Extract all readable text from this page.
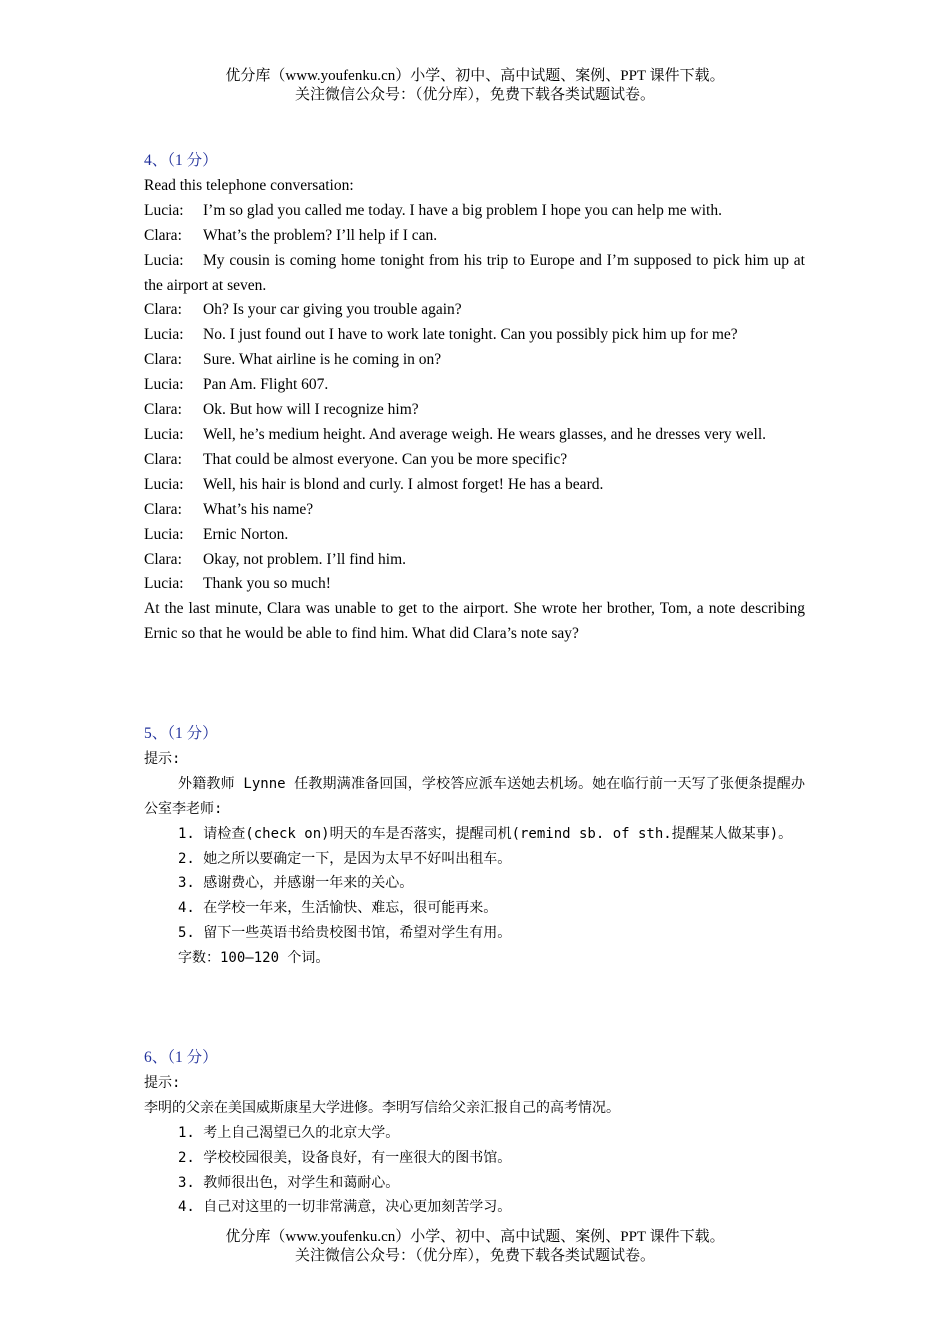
优分库（www.youfenku.cn）小学、初中、高中试题、案例、PPT 课件下载。
关注微信公众号：（优分库），免费下载各类试题试卷。
4、（1 分）
Read this telephone conversation:
Lucia: I’m so glad you called me today. I have a big problem I hope you can help me with.
Clara: What’s the problem? I’ll help if I can.
Lucia: My cousin is coming home tonight from his trip to Europe and I’m supposed to pick him up at the airport at seven.
Clara: Oh? Is your car giving you trouble again?
Lucia: No. I just found out I have to work late tonight. Can you possibly pick him up for me?
Clara: Sure. What airline is he coming in on?
Lucia: Pan Am. Flight 607.
Clara: Ok. But how will I recognize him?
Lucia: Well, he’s medium height. And average weigh. He wears glasses, and he dresses very well.
Clara: That could be almost everyone. Can you be more specific?
Lucia: Well, his hair is blond and curly. I almost forget! He has a beard.
Clara: What’s his name?
Lucia: Ernic Norton.
Clara: Okay, not problem. I’ll find him.
Lucia: Thank you so much!
At the last minute, Clara was unable to get to the airport. She wrote her brother, Tom, a note describing Ernic so that he would be able to find him. What did Clara’s note say?
5、（1 分）
提示:
外籍教师 Lynne 任教期满准备回国，学校答应派车送她去机场。她在临行前一天写了张便条提醒办公室李老师:
1. 请检查(check on)明天的车是否落实，提醒司机(remind sb. of sth.提醒某人做某事)。
2. 她之所以要确定一下，是因为太早不好叫出租车。
3. 感谢费心，并感谢一年来的关心。
4. 在学校一年来，生活愉快、难忘，很可能再来。
5. 留下一些英语书给贵校图书馆，希望对学生有用。
字数：100—120 个词。
6、（1 分）
提示:
李明的父亲在美国威斯康星大学进修。李明写信给父亲汇报自己的高考情况。
1. 考上自己渴望已久的北京大学。
2. 学校校园很美，设备良好，有一座很大的图书馆。
3. 教师很出色，对学生和蔼耐心。
4. 自己对这里的一切非常满意，决心更加刻苦学习。
优分库（www.youfenku.cn）小学、初中、高中试题、案例、PPT 课件下载。
关注微信公众号：（优分库），免费下载各类试题试卷。
